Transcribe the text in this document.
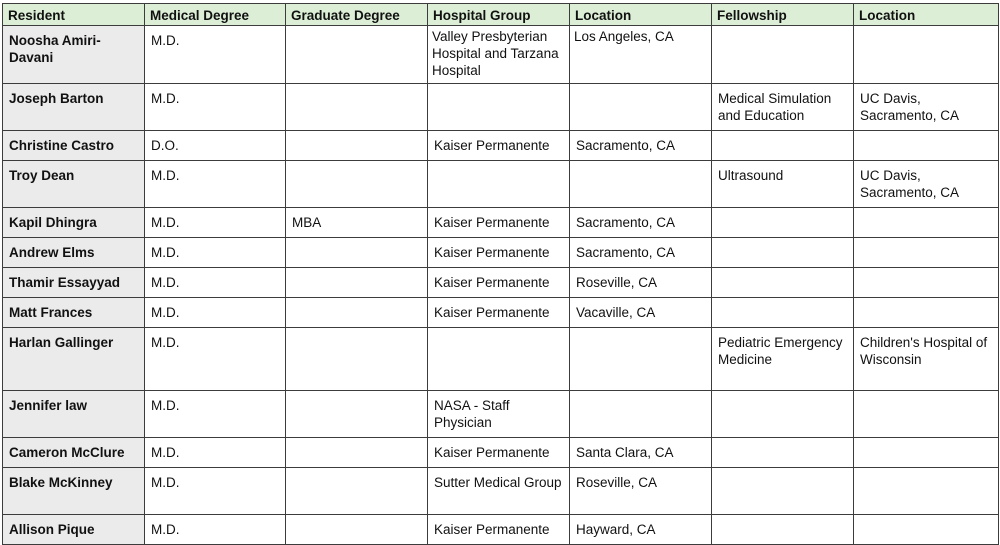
Resident	Medical Degree	Graduate Degree	Hospital Group	Location	Fellowship	Location
Noosha Amiri-Davani	M.D.		Valley Presbyterian Hospital and Tarzana Hospital	Los Angeles, CA		
Joseph Barton	M.D.				Medical Simulation and Education	UC Davis, Sacramento, CA
Christine Castro	D.O.		Kaiser Permanente	Sacramento, CA		
Troy Dean	M.D.				Ultrasound	UC Davis, Sacramento, CA
Kapil Dhingra	M.D.	MBA	Kaiser Permanente	Sacramento, CA		
Andrew Elms	M.D.		Kaiser Permanente	Sacramento, CA		
Thamir Essayyad	M.D.		Kaiser Permanente	Roseville, CA		
Matt Frances	M.D.		Kaiser Permanente	Vacaville, CA		
Harlan Gallinger	M.D.				Pediatric Emergency Medicine	Children's Hospital of Wisconsin
Jennifer law	M.D.		NASA - Staff Physician			
Cameron McClure	M.D.		Kaiser Permanente	Santa Clara, CA		
Blake McKinney	M.D.		Sutter Medical Group	Roseville, CA		
Allison Pique	M.D.		Kaiser Permanente	Hayward, CA		
